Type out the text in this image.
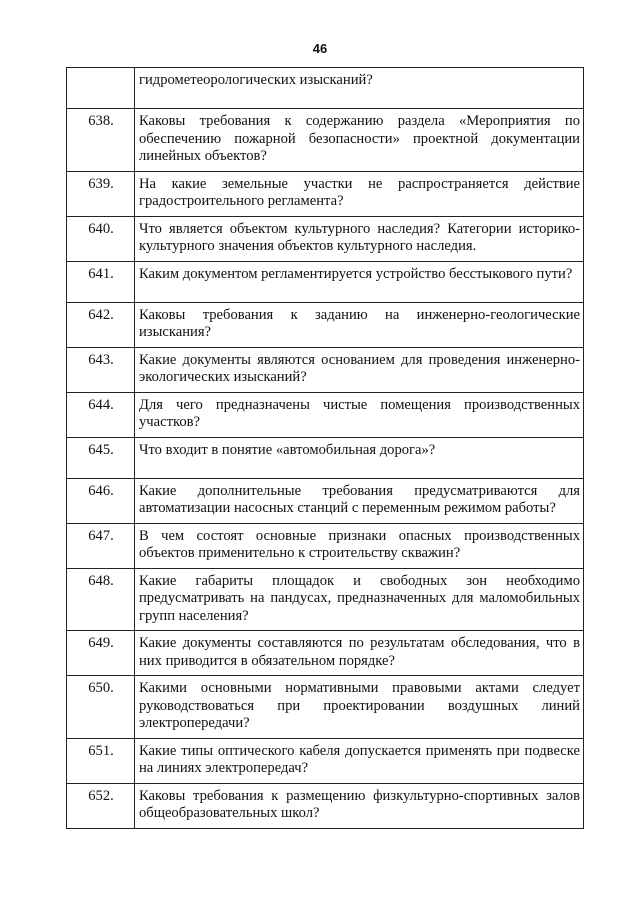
46
	гидрометеорологических изысканий?
638.	Каковы требования к содержанию раздела «Мероприятия по обеспечению пожарной безопасности» проектной документации линейных объектов?
639.	На какие земельные участки не распространяется действие градостроительного регламента?
640.	Что является объектом культурного наследия? Категории историко-культурного значения объектов культурного наследия.
641.	Каким документом регламентируется устройство бесстыкового пути?
642.	Каковы требования к заданию на инженерно-геологические изыскания?
643.	Какие документы являются основанием для проведения инженерно-экологических изысканий?
644.	Для чего предназначены чистые помещения производственных участков?
645.	Что входит в понятие «автомобильная дорога»?
646.	Какие дополнительные требования предусматриваются для автоматизации насосных станций с переменным режимом работы?
647.	В чем состоят основные признаки опасных производственных объектов применительно к строительству скважин?
648.	Какие габариты площадок и свободных зон необходимо предусматривать на пандусах, предназначенных для маломобильных групп населения?
649.	Какие документы составляются по результатам обследования, что в них приводится в обязательном порядке?
650.	Какими основными нормативными правовыми актами следует руководствоваться при проектировании воздушных линий электропередачи?
651.	Какие типы оптического кабеля допускается применять при подвеске на линиях электропередач?
652.	Каковы требования к размещению физкультурно-спортивных залов общеобразовательных школ?
